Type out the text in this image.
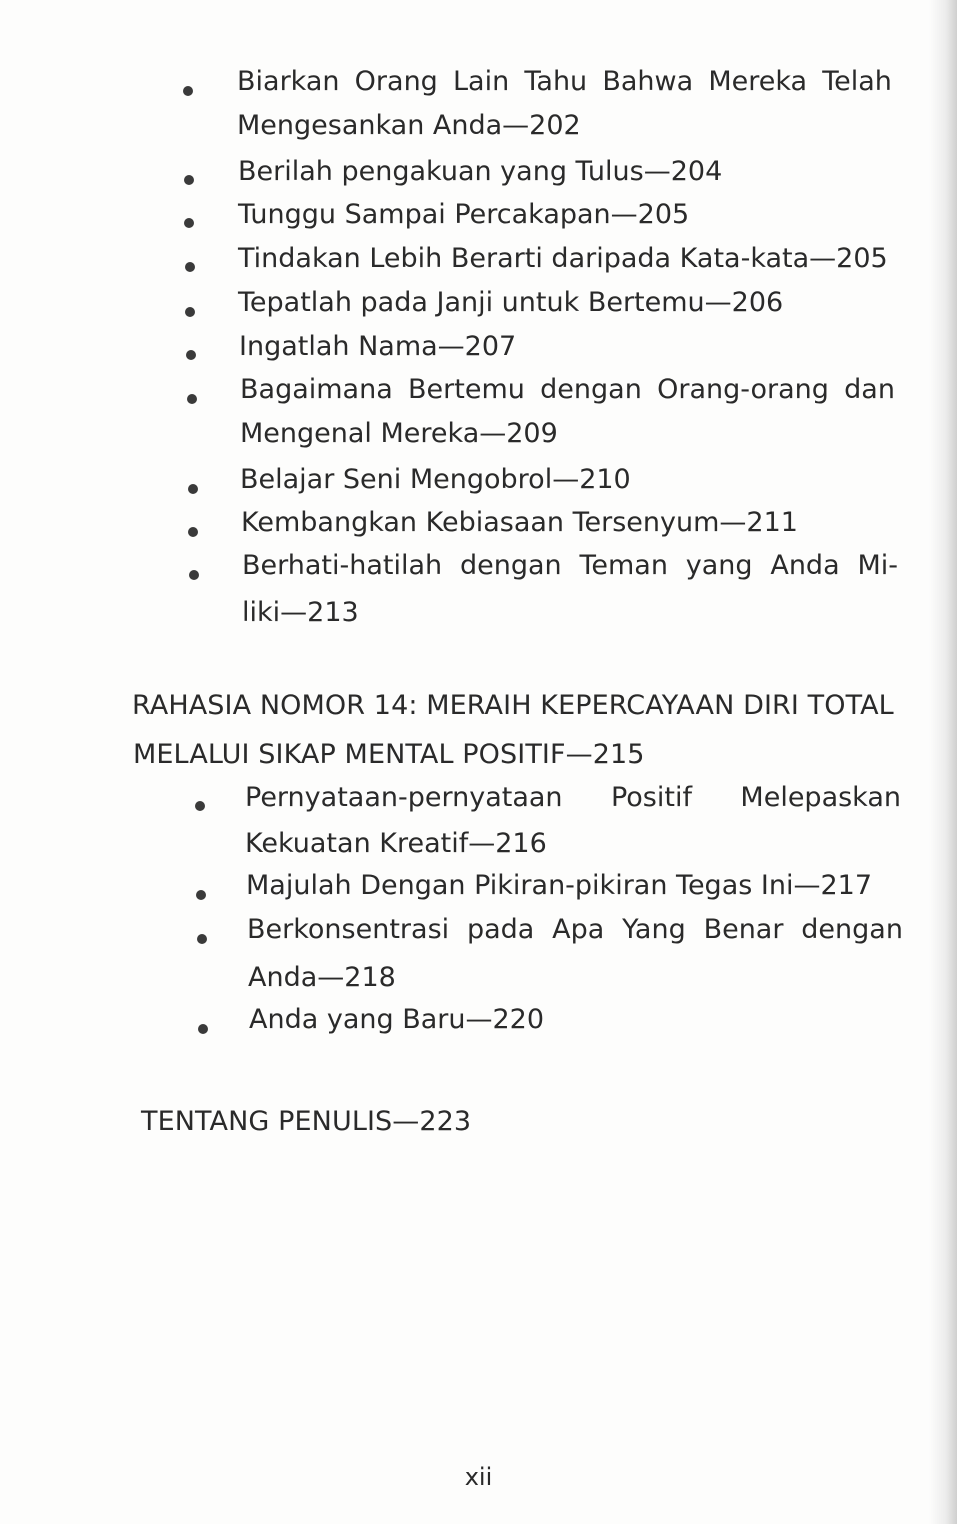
Biarkan Orang Lain Tahu Bahwa Mereka Telah
Mengesankan Anda—202
Berilah pengakuan yang Tulus—204
Tunggu Sampai Percakapan—205
Tindakan Lebih Berarti daripada Kata-kata—205
Tepatlah pada Janji untuk Bertemu—206
Ingatlah Nama—207
Bagaimana Bertemu dengan Orang-orang dan
Mengenal Mereka—209
Belajar Seni Mengobrol—210
Kembangkan Kebiasaan Tersenyum—211
Berhati-hatilah dengan Teman yang Anda Mi-
liki—213
RAHASIA NOMOR 14: MERAIH KEPERCAYAAN DIRI TOTAL
MELALUI SIKAP MENTAL POSITIF—215
Pernyataan-pernyataan Positif Melepaskan
Kekuatan Kreatif—216
Majulah Dengan Pikiran-pikiran Tegas Ini—217
Berkonsentrasi pada Apa Yang Benar dengan
Anda—218
Anda yang Baru—220
TENTANG PENULIS—223
xii
